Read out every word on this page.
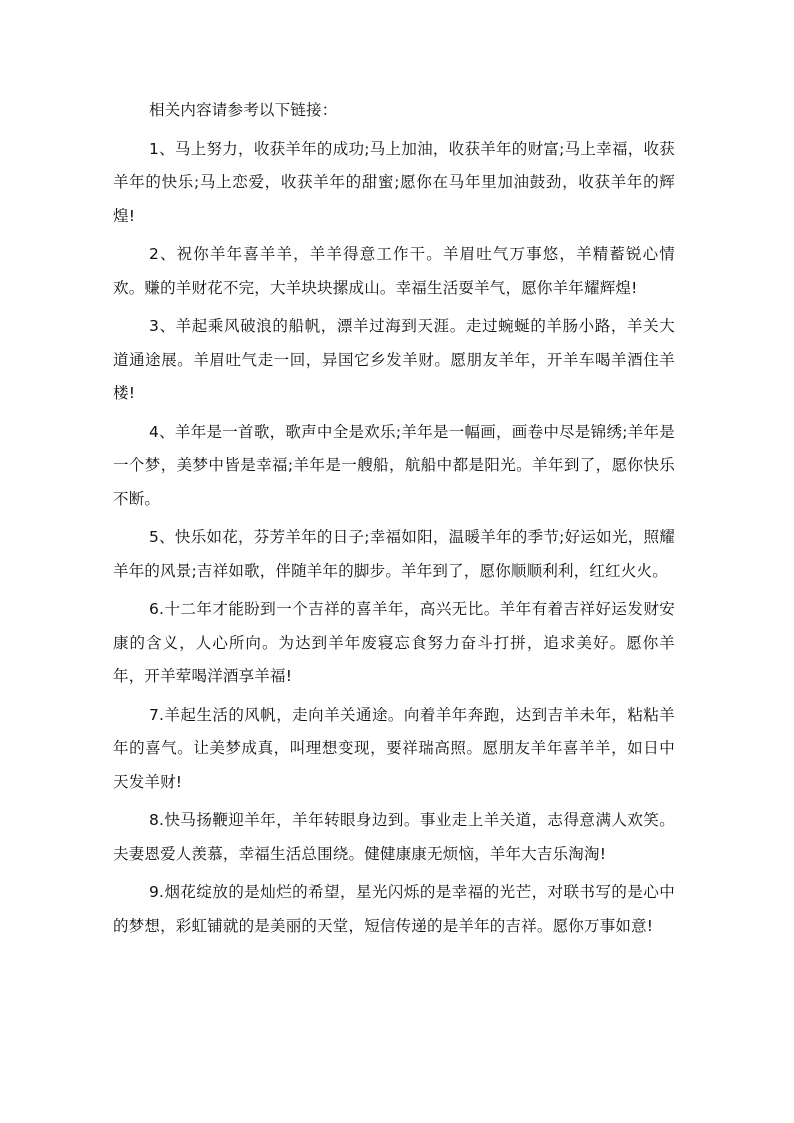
相关内容请参考以下链接：

1、马上努力，收获羊年的成功;马上加油，收获羊年的财富;马上幸福，收获羊年的快乐;马上恋爱，收获羊年的甜蜜;愿你在马年里加油鼓劲，收获羊年的辉煌!

2、祝你羊年喜羊羊，羊羊得意工作干。羊眉吐气万事悠，羊精蓄锐心情欢。赚的羊财花不完，大羊块块摞成山。幸福生活耍羊气，愿你羊年耀辉煌!

3、羊起乘风破浪的船帆，漂羊过海到天涯。走过蜿蜒的羊肠小路，羊关大道通途展。羊眉吐气走一回，异国它乡发羊财。愿朋友羊年，开羊车喝羊酒住羊楼!

4、羊年是一首歌，歌声中全是欢乐;羊年是一幅画，画卷中尽是锦绣;羊年是一个梦，美梦中皆是幸福;羊年是一艘船，航船中都是阳光。羊年到了，愿你快乐不断。

5、快乐如花，芬芳羊年的日子;幸福如阳，温暖羊年的季节;好运如光，照耀羊年的风景;吉祥如歌，伴随羊年的脚步。羊年到了，愿你顺顺利利，红红火火。

6.十二年才能盼到一个吉祥的喜羊年，高兴无比。羊年有着吉祥好运发财安康的含义，人心所向。为达到羊年废寝忘食努力奋斗打拼，追求美好。愿你羊年，开羊荤喝洋酒享羊福!

7.羊起生活的风帆，走向羊关通途。向着羊年奔跑，达到吉羊未年，粘粘羊年的喜气。让美梦成真，叫理想变现，要祥瑞高照。愿朋友羊年喜羊羊，如日中天发羊财!

8.快马扬鞭迎羊年，羊年转眼身边到。事业走上羊关道，志得意满人欢笑。夫妻恩爱人羡慕，幸福生活总围绕。健健康康无烦恼，羊年大吉乐淘淘!

9.烟花绽放的是灿烂的希望，星光闪烁的是幸福的光芒，对联书写的是心中的梦想，彩虹铺就的是美丽的天堂，短信传递的是羊年的吉祥。愿你万事如意!
